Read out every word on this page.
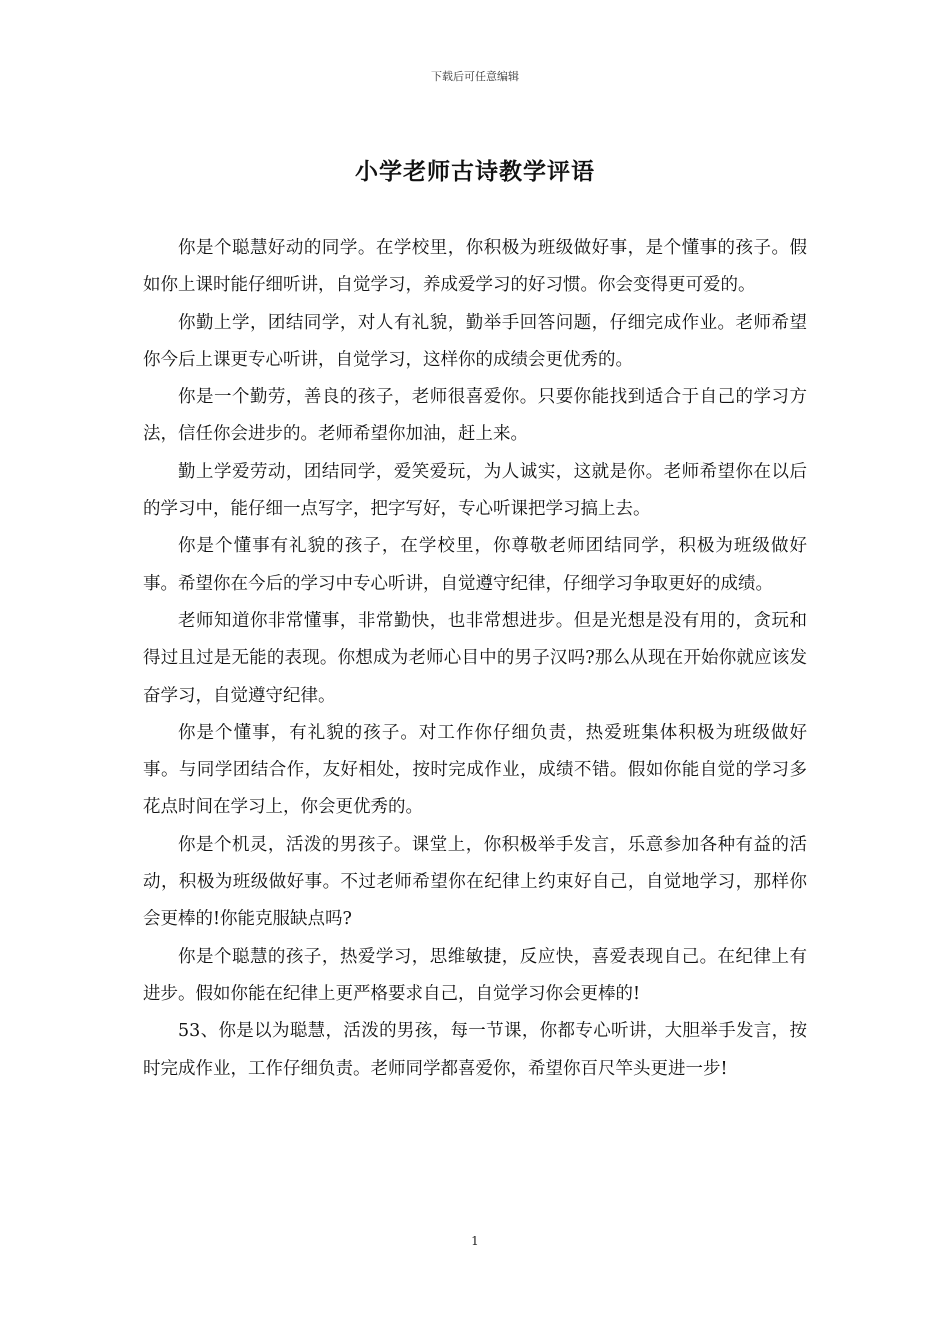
下载后可任意编辑
小学老师古诗教学评语

你是个聪慧好动的同学。在学校里，你积极为班级做好事，是个懂事的孩子。假如你上课时能仔细听讲，自觉学习，养成爱学习的好习惯。你会变得更可爱的。

你勤上学，团结同学，对人有礼貌，勤举手回答问题，仔细完成作业。老师希望你今后上课更专心听讲，自觉学习，这样你的成绩会更优秀的。

你是一个勤劳，善良的孩子，老师很喜爱你。只要你能找到适合于自己的学习方法，信任你会进步的。老师希望你加油，赶上来。

勤上学爱劳动，团结同学，爱笑爱玩，为人诚实，这就是你。老师希望你在以后的学习中，能仔细一点写字，把字写好，专心听课把学习搞上去。

你是个懂事有礼貌的孩子，在学校里，你尊敬老师团结同学，积极为班级做好事。希望你在今后的学习中专心听讲，自觉遵守纪律，仔细学习争取更好的成绩。

老师知道你非常懂事，非常勤快，也非常想进步。但是光想是没有用的，贪玩和得过且过是无能的表现。你想成为老师心目中的男子汉吗?那么从现在开始你就应该发奋学习，自觉遵守纪律。

你是个懂事，有礼貌的孩子。对工作你仔细负责，热爱班集体积极为班级做好事。与同学团结合作，友好相处，按时完成作业，成绩不错。假如你能自觉的学习多花点时间在学习上，你会更优秀的。

你是个机灵，活泼的男孩子。课堂上，你积极举手发言，乐意参加各种有益的活动，积极为班级做好事。不过老师希望你在纪律上约束好自己，自觉地学习，那样你会更棒的!你能克服缺点吗?

你是个聪慧的孩子，热爱学习，思维敏捷，反应快，喜爱表现自己。在纪律上有进步。假如你能在纪律上更严格要求自己，自觉学习你会更棒的!

53、你是以为聪慧，活泼的男孩，每一节课，你都专心听讲，大胆举手发言，按时完成作业，工作仔细负责。老师同学都喜爱你，希望你百尺竿头更进一步!

1
